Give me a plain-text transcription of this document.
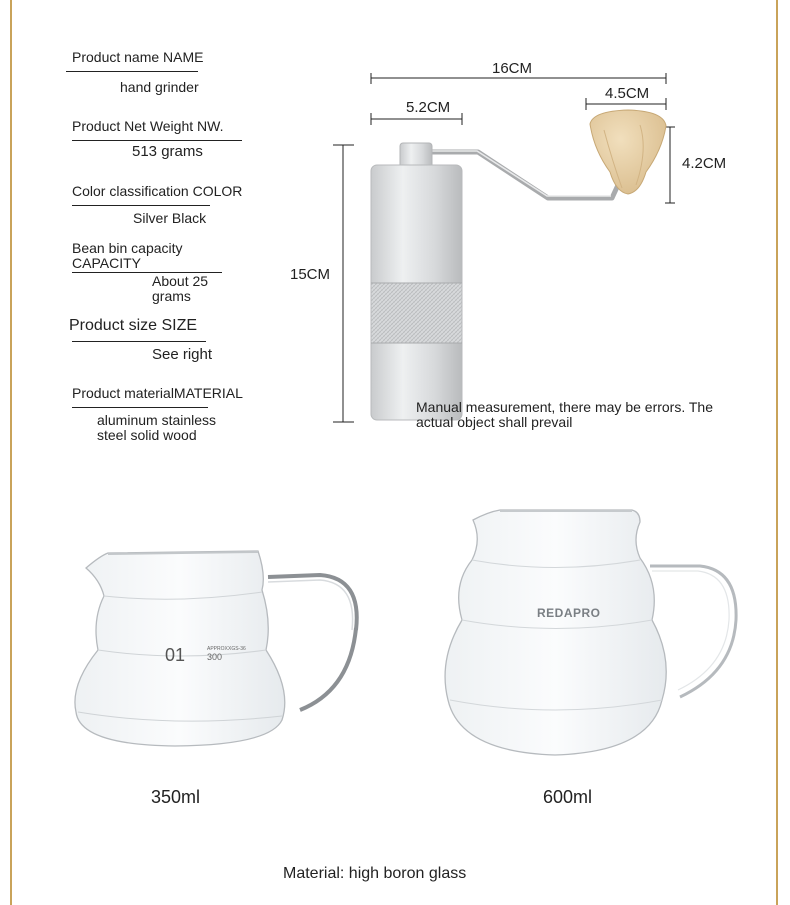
Product name NAME
hand grinder
Product Net Weight NW.
513 grams
Color classification COLOR
Silver Black
Bean bin capacity
CAPACITY
About 25
grams
Product size SIZE
See right
Product materialMATERIAL
aluminum stainless
steel solid wood
01	APPROX
300
XGS-36
REDAPRO
16CM
5.2CM
4.5CM
4.2CM
15CM
Manual measurement, there may be errors. The
actual object shall prevail
350ml	600ml
Material: high boron glass
